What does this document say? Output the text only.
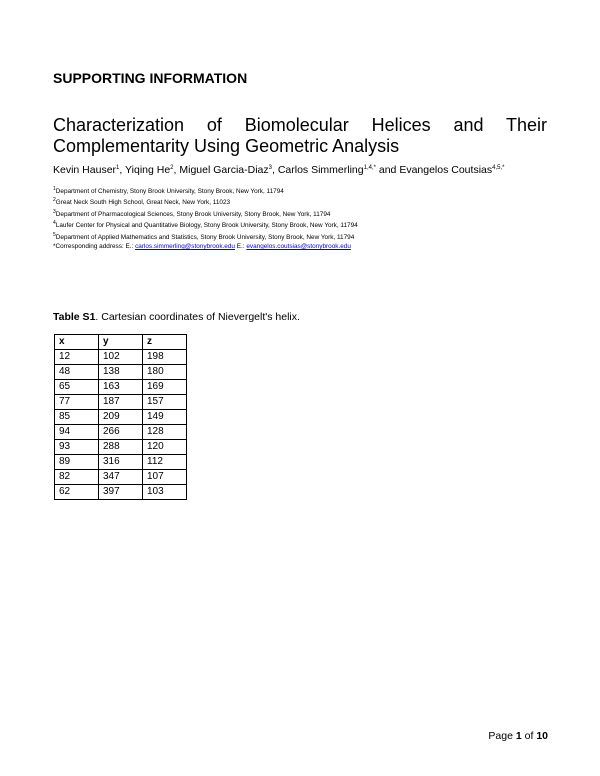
SUPPORTING INFORMATION
Characterization of Biomolecular Helices and Their Complementarity Using Geometric Analysis

Kevin Hauser$^1$, Yiqing He$^2$, Miguel Garcia-Diaz$^3$, Carlos Simmerling$^{1,4,*}$ and Evangelos Coutsias$^{4,5,*}$

$^1$Department of Chemistry, Stony Brook University, Stony Brook, New York, 11794
$^2$Great Neck South High School, Great Neck, New York, 11023
$^3$Department of Pharmacological Sciences, Stony Brook University, Stony Brook, New York, 11794
$^4$Laufer Center for Physical and Quantitative Biology, Stony Brook University, Stony Brook, New York, 11794
$^5$Department of Applied Mathematics and Statistics, Stony Brook University, Stony Brook, New York, 11794
*Corresponding address: E.: carlos.simmerling@stonybrook.edu E.: evangelos.coutsias@stonybrook.edu

Table S1. Cartesian coordinates of Nievergelt's helix.

x	y	z
12	102	198
48	138	180
65	163	169
77	187	157
85	209	149
94	266	128
93	288	120
89	316	112
82	347	107
62	397	103
Page 1 of 10
